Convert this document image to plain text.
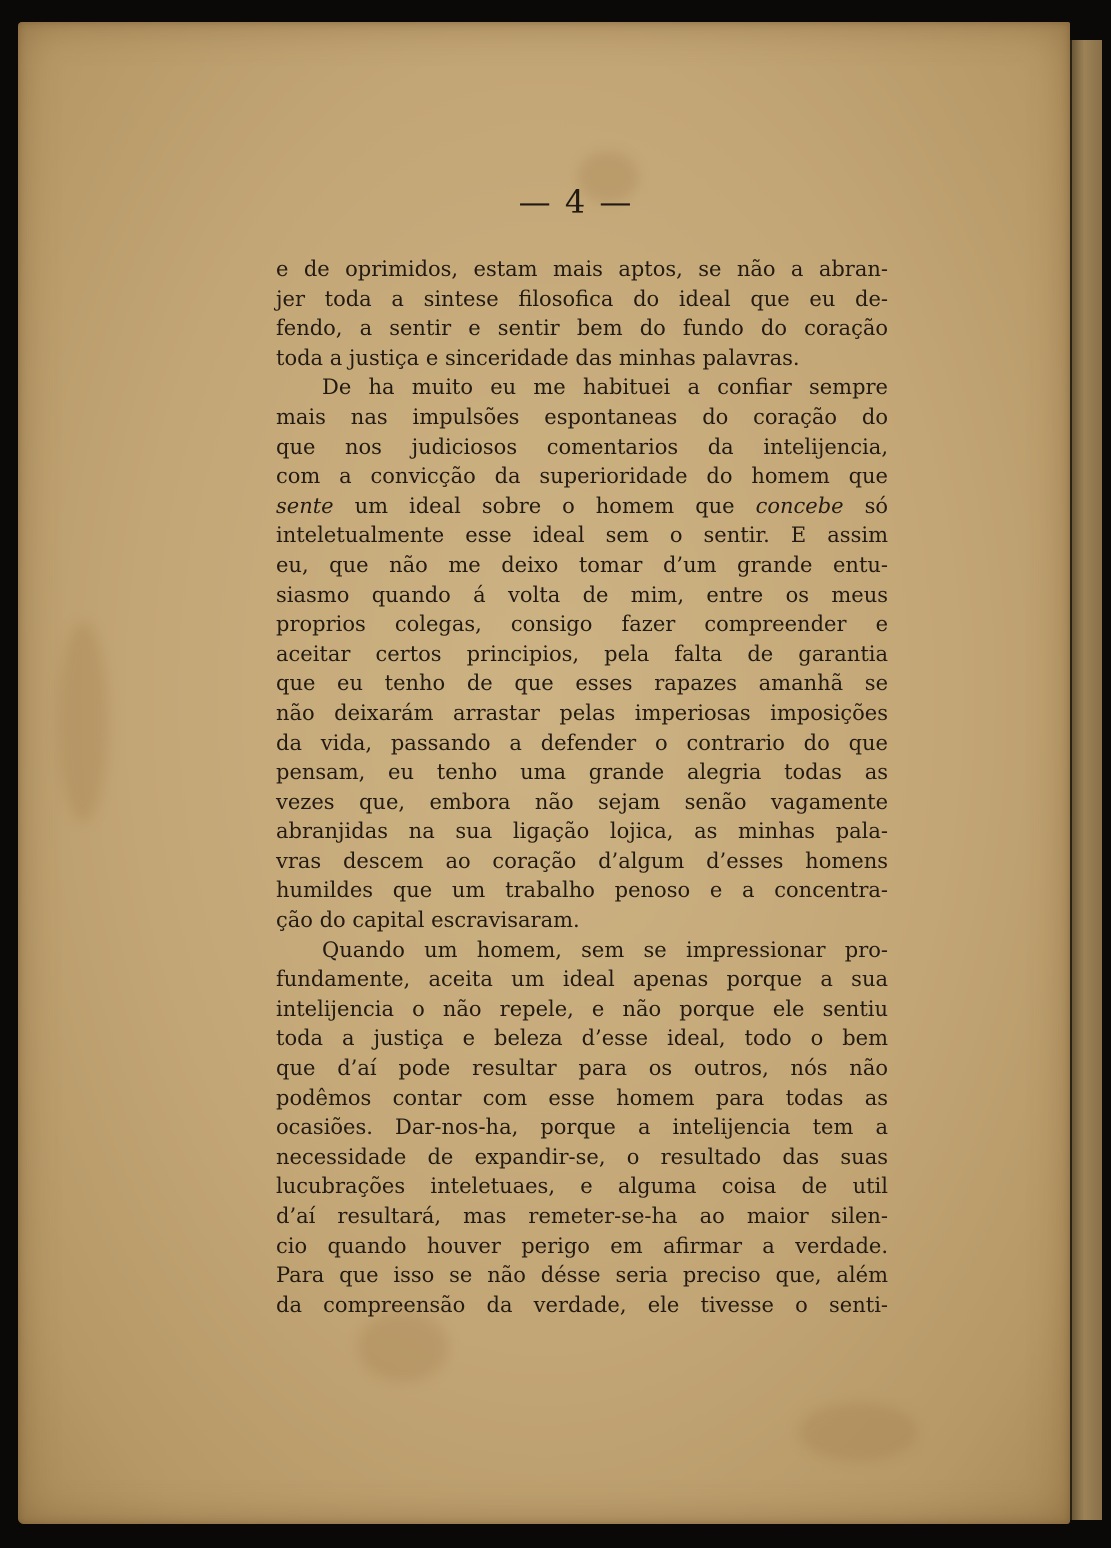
— 4 —
e de oprimidos, estam mais aptos, se não a abran-
jer toda a sintese filosofica do ideal que eu de-
fendo, a sentir e sentir bem do fundo do coração
toda a justiça e sinceridade das minhas palavras.
De ha muito eu me habituei a confiar sempre
mais nas impulsões espontaneas do coração do
que nos judiciosos comentarios da intelijencia,
com a convicção da superioridade do homem que
sente um ideal sobre o homem que concebe só
inteletualmente esse ideal sem o sentir. E assim
eu, que não me deixo tomar d’um grande entu-
siasmo quando á volta de mim, entre os meus
proprios colegas, consigo fazer compreender e
aceitar certos principios, pela falta de garantia
que eu tenho de que esses rapazes amanhã se
não deixarám arrastar pelas imperiosas imposições
da vida, passando a defender o contrario do que
pensam, eu tenho uma grande alegria todas as
vezes que, embora não sejam senão vagamente
abranjidas na sua ligação lojica, as minhas pala-
vras descem ao coração d’algum d’esses homens
humildes que um trabalho penoso e a concentra-
ção do capital escravisaram.
Quando um homem, sem se impressionar pro-
fundamente, aceita um ideal apenas porque a sua
intelijencia o não repele, e não porque ele sentiu
toda a justiça e beleza d’esse ideal, todo o bem
que d’aí pode resultar para os outros, nós não
podêmos contar com esse homem para todas as
ocasiões. Dar-nos-ha, porque a intelijencia tem a
necessidade de expandir-se, o resultado das suas
lucubrações inteletuaes, e alguma coisa de util
d’aí resultará, mas remeter-se-ha ao maior silen-
cio quando houver perigo em afirmar a verdade.
Para que isso se não désse seria preciso que, além
da compreensão da verdade, ele tivesse o senti-
